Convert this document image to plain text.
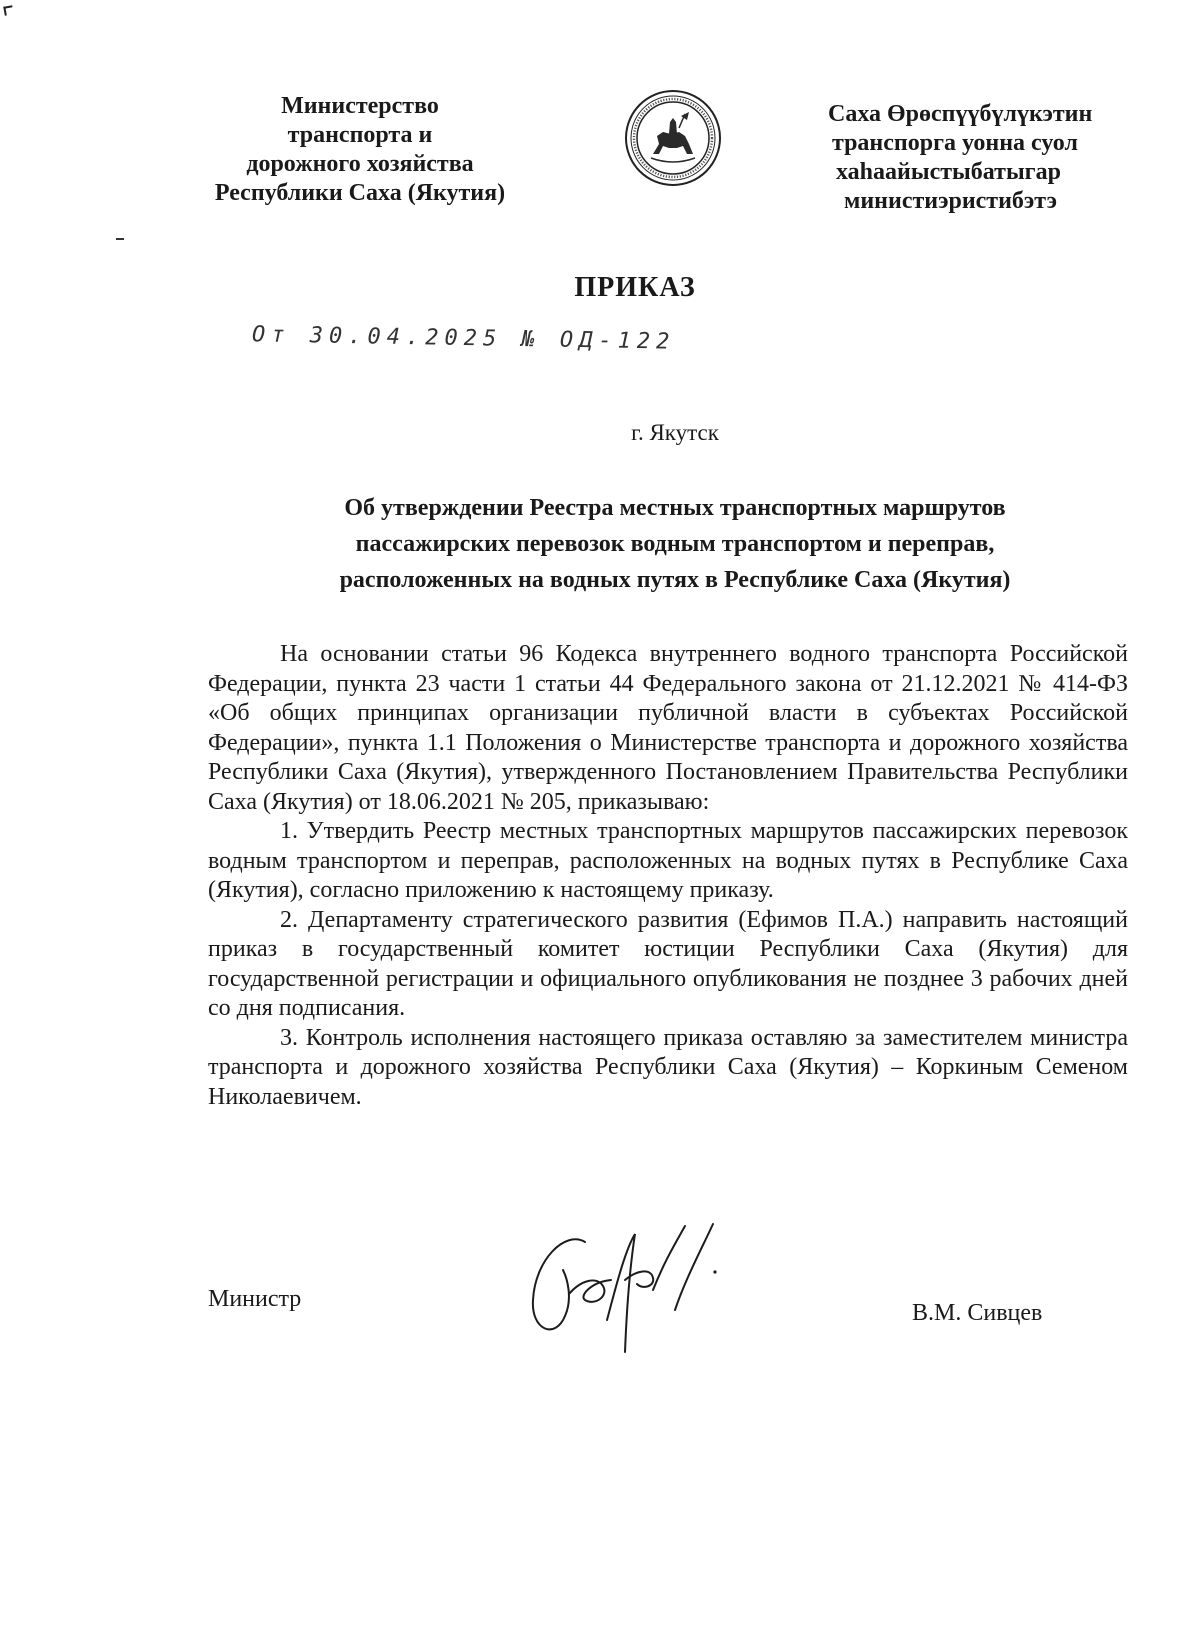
Министерство
транспорта и
дорожного хозяйства
Республики Саха (Якутия)
Саха Өрөспүүбүлүкэтин
транспорга уонна суол
хаһаайыстыбатыгар
министиэристибэтэ
ПРИКАЗ
От 30.04.2025 № ОД-122
г. Якутск
Об утверждении Реестра местных транспортных маршрутов
пассажирских перевозок водным транспортом и переправ,
расположенных на водных путях в Республике Саха (Якутия)

На основании статьи 96 Кодекса внутреннего водного транспорта Российской Федерации, пункта 23 части 1 статьи 44 Федерального закона от 21.12.2021 № 414-ФЗ «Об общих принципах организации публичной власти в субъектах Российской Федерации», пункта 1.1 Положения о Министерстве транспорта и дорожного хозяйства Республики Саха (Якутия), утвержденного Постановлением Правительства Республики Саха (Якутия) от 18.06.2021 № 205, приказываю:

1. Утвердить Реестр местных транспортных маршрутов пассажирских перевозок водным транспортом и переправ, расположенных на водных путях в Республике Саха (Якутия), согласно приложению к настоящему приказу.

2. Департаменту стратегического развития (Ефимов П.А.) направить настоящий приказ в государственный комитет юстиции Республики Саха (Якутия) для государственной регистрации и официального опубликования не позднее 3 рабочих дней со дня подписания.

3. Контроль исполнения настоящего приказа оставляю за заместителем министра транспорта и дорожного хозяйства Республики Саха (Якутия) – Коркиным Семеном Николаевичем.

Министр
В.М. Сивцев
